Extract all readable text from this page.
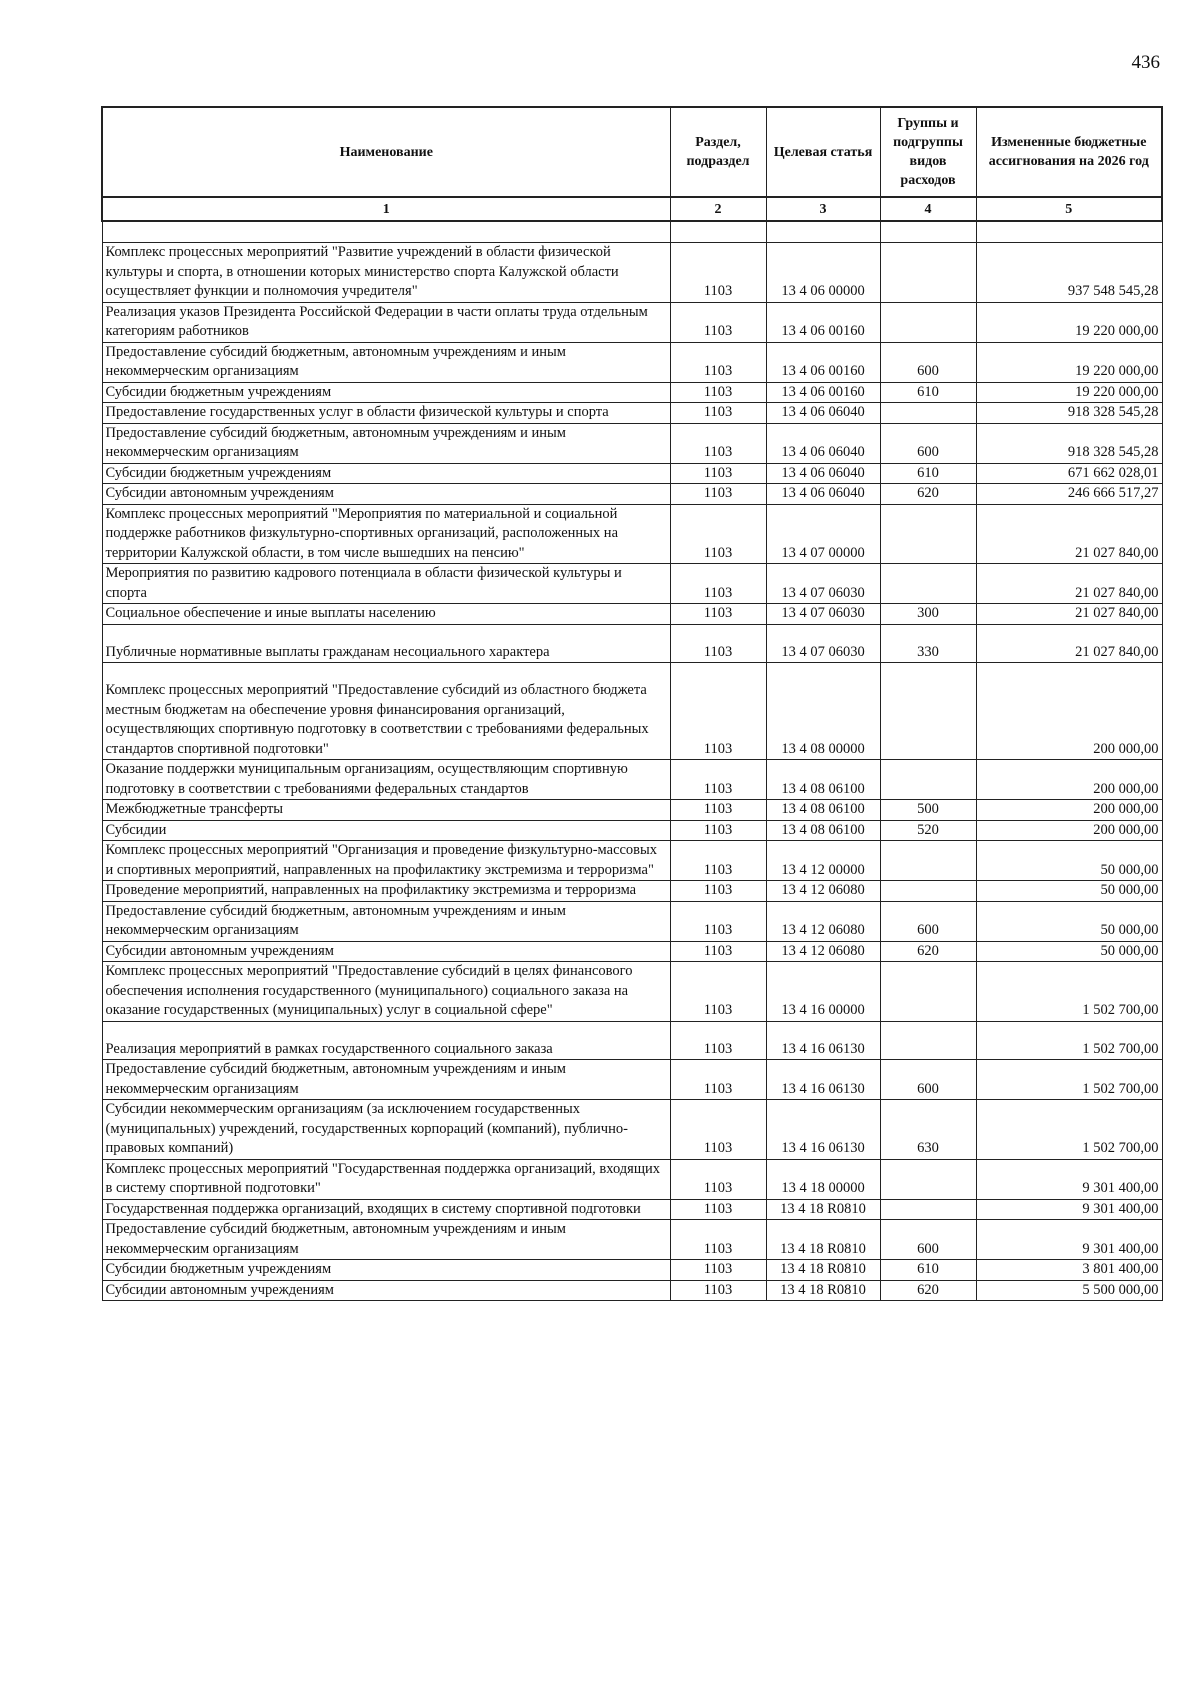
436
Наименование	Раздел, подраздел	Целевая статья	Группы и подгруппы видов расходов	Измененные бюджетные ассигнования на 2026 год
1	2	3	4	5

Комплекс процессных мероприятий "Развитие учреждений в области физической культуры и спорта, в отношении которых министерство спорта Калужской области осуществляет функции и полномочия учредителя"	1103	13 4 06 00000		937 548 545,28
Реализация указов Президента Российской Федерации в части оплаты труда отдельным категориям работников	1103	13 4 06 00160		19 220 000,00
Предоставление субсидий бюджетным, автономным учреждениям и иным некоммерческим организациям	1103	13 4 06 00160	600	19 220 000,00
Субсидии бюджетным учреждениям	1103	13 4 06 00160	610	19 220 000,00
Предоставление государственных услуг в области физической культуры и спорта	1103	13 4 06 06040		918 328 545,28
Предоставление субсидий бюджетным, автономным учреждениям и иным некоммерческим организациям	1103	13 4 06 06040	600	918 328 545,28
Субсидии бюджетным учреждениям	1103	13 4 06 06040	610	671 662 028,01
Субсидии автономным учреждениям	1103	13 4 06 06040	620	246 666 517,27
Комплекс процессных мероприятий "Мероприятия по материальной и социальной поддержке работников физкультурно-спортивных организаций, расположенных на территории Калужской области, в том числе вышедших на пенсию"	1103	13 4 07 00000		21 027 840,00
Мероприятия по развитию кадрового потенциала в области физической культуры и спорта	1103	13 4 07 06030		21 027 840,00
Социальное обеспечение и иные выплаты населению	1103	13 4 07 06030	300	21 027 840,00

Публичные нормативные выплаты гражданам несоциального характера	1103	13 4 07 06030	330	21 027 840,00

Комплекс процессных мероприятий "Предоставление субсидий из областного бюджета местным бюджетам на обеспечение уровня финансирования организаций, осуществляющих спортивную подготовку в соответствии с требованиями федеральных стандартов спортивной подготовки"	1103	13 4 08 00000		200 000,00
Оказание поддержки муниципальным организациям, осуществляющим спортивную подготовку в соответствии с требованиями федеральных стандартов	1103	13 4 08 06100		200 000,00
Межбюджетные трансферты	1103	13 4 08 06100	500	200 000,00
Субсидии	1103	13 4 08 06100	520	200 000,00
Комплекс процессных мероприятий "Организация и проведение физкультурно-массовых и спортивных мероприятий, направленных на профилактику экстремизма и терроризма"	1103	13 4 12 00000		50 000,00
Проведение мероприятий, направленных на профилактику экстремизма и терроризма	1103	13 4 12 06080		50 000,00
Предоставление субсидий бюджетным, автономным учреждениям и иным некоммерческим организациям	1103	13 4 12 06080	600	50 000,00
Субсидии автономным учреждениям	1103	13 4 12 06080	620	50 000,00
Комплекс процессных мероприятий "Предоставление субсидий в целях финансового обеспечения исполнения государственного (муниципального) социального заказа на оказание государственных (муниципальных) услуг в социальной сфере"	1103	13 4 16 00000		1 502 700,00

Реализация мероприятий в рамках государственного социального заказа	1103	13 4 16 06130		1 502 700,00
Предоставление субсидий бюджетным, автономным учреждениям и иным некоммерческим организациям	1103	13 4 16 06130	600	1 502 700,00
Субсидии некоммерческим организациям (за исключением государственных (муниципальных) учреждений, государственных корпораций (компаний), публично-правовых компаний)	1103	13 4 16 06130	630	1 502 700,00
Комплекс процессных мероприятий "Государственная поддержка организаций, входящих в систему спортивной подготовки"	1103	13 4 18 00000		9 301 400,00
Государственная поддержка организаций, входящих в систему спортивной подготовки	1103	13 4 18 R0810		9 301 400,00
Предоставление субсидий бюджетным, автономным учреждениям и иным некоммерческим организациям	1103	13 4 18 R0810	600	9 301 400,00
Субсидии бюджетным учреждениям	1103	13 4 18 R0810	610	3 801 400,00
Субсидии автономным учреждениям	1103	13 4 18 R0810	620	5 500 000,00
